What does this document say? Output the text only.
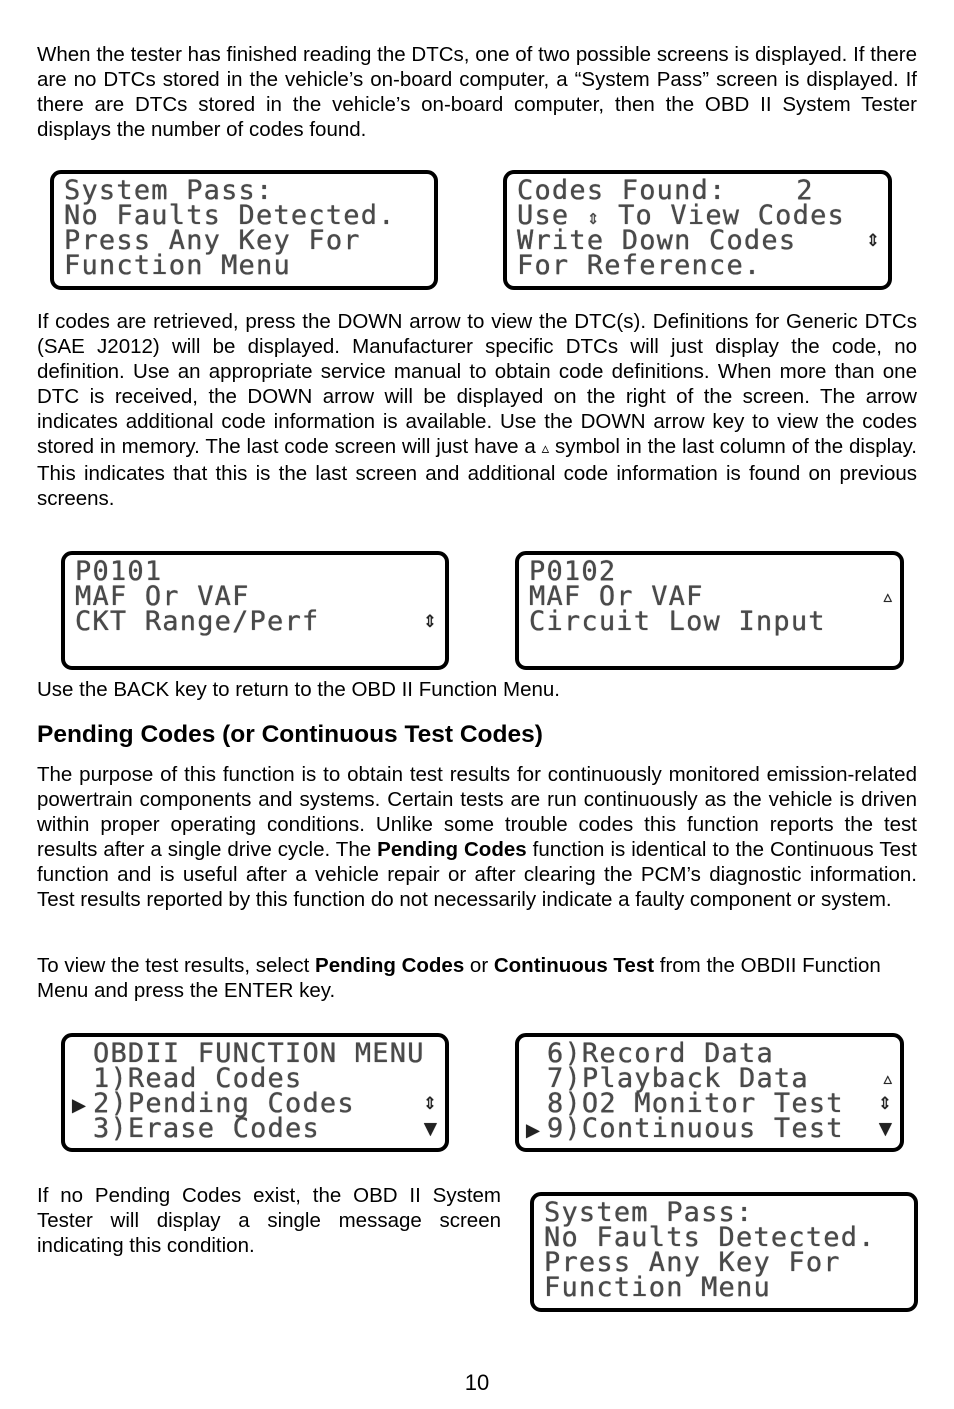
When the tester has finished reading the DTCs, one of two possible screens is displayed. If there are no DTCs stored in the vehicle’s on-board computer, a “System Pass” screen is displayed. If there are DTCs stored in the vehicle’s on-board computer, then the OBD II System Tester displays the number of codes found.

System Pass:
No Faults Detected.
Press Any Key For
Function Menu
Codes Found:    2
Use ⇕ To View Codes
Write Down Codes	⇕
For Reference.

If codes are retrieved, press the DOWN arrow to view the DTC(s). Definitions for Generic DTCs (SAE J2012) will be displayed. Manufacturer specific DTCs will just display the code, no definition. Use an appropriate service manual to obtain code definitions. When more than one DTC is received, the DOWN arrow will be displayed on the right of the screen. The arrow indicates additional code information is available. Use the DOWN arrow key to view the codes stored in memory. The last code screen will just have a ▵ symbol in the last column of the display. This indicates that this is the last screen and additional code information is found on previous screens.

P0101
MAF Or VAF
CKT Range/Perf	⇕
P0102
MAF Or VAF	▵
Circuit Low Input

Use the BACK key to return to the OBD II Function Menu.

Pending Codes (or Continuous Test Codes)

The purpose of this function is to obtain test results for continuously monitored emission-related powertrain components and systems. Certain tests are run continuously as the vehicle is driven within proper operating conditions. Unlike some trouble codes this function reports the test results after a single drive cycle. The Pending Codes function is identical to the Continuous Test function and is useful after a vehicle repair or after clearing the PCM’s diagnostic information. Test results reported by this function do not necessarily indicate a faulty component or system.

To view the test results, select Pending Codes or Continuous Test from the OBDII Function Menu and press the ENTER key.

OBDII FUNCTION MENU
1)Read Codes
▶ 2)Pending Codes	⇕
3)Erase Codes	▼
6)Record Data
7)Playback Data	▵
8)O2 Monitor Test ⇕
▶ 9)Continuous Test ▼

If no Pending Codes exist, the OBD II System Tester will display a single message screen indicating this condition.

System Pass:
No Faults Detected.
Press Any Key For
Function Menu
10
